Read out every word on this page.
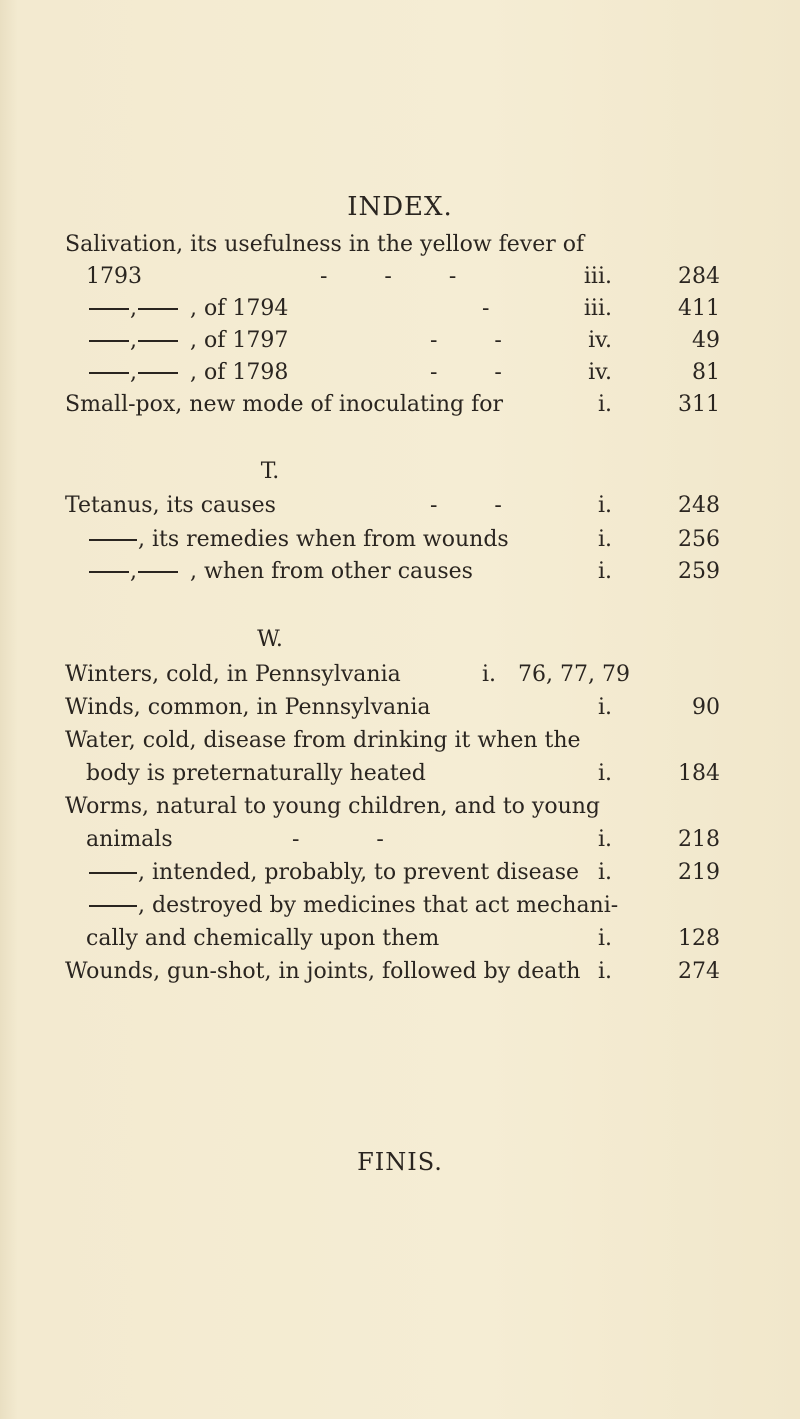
INDEX.
Salivation, its usefulness in the yellow fever of
1793	- - -	iii.	284
,	, of 1794	-	iii.	411
,	, of 1797	- -	iv.	49
,	, of 1798	- -	iv.	81
Small-pox, new mode of inoculating for	i.	311
T.
Tetanus, its causes	- -	i.	248
, its remedies when from wounds	i.	256
,	, when from other causes	i.	259
W.
Winters, cold, in Pennsylvania	i. 76, 77, 79
Winds, common, in Pennsylvania	i.	90
Water, cold, disease from drinking it when the
body is preternaturally heated	i.	184
Worms, natural to young children, and to young
animals	- -	i.	218
, intended, probably, to prevent disease i.	219
, destroyed by medicines that act mechani-
cally and chemically upon them	i.	128
Wounds, gun-shot, in joints, followed by death i.	274
FINIS.
